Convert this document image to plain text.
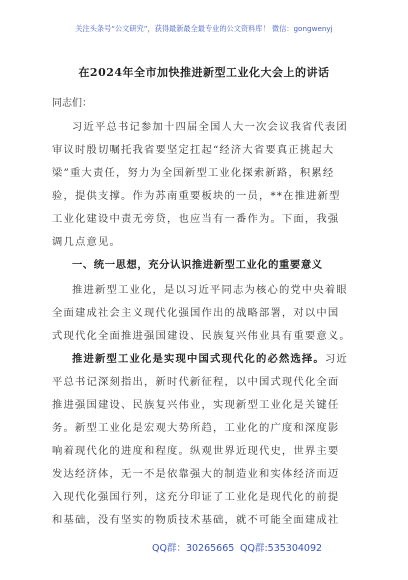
关注头条号“公文研究”，获得最新最全最专业的公文资料库！ 微信：gongwenyj
在2024年全市加快推进新型工业化大会上的讲话
同志们：
习近平总书记参加十四届全国人大一次会议我省代表团
审议时殷切嘱托我省要坚定扛起“经济大省要真正挑起大
梁”重大责任，努力为全国新型工业化探索新路，积累经
验，提供支撑。作为苏南重要板块的一员，**在推进新型
工业化建设中责无旁贷，也应当有一番作为。下面，我强
调几点意见。
一、统一思想，充分认识推进新型工业化的重要意义
推进新型工业化，是以习近平同志为核心的党中央着眼
全面建成社会主义现代化强国作出的战略部署，对以中国
式现代化全面推进强国建设、民族复兴伟业具有重要意义。
推进新型工业化是实现中国式现代化的必然选择。习近
平总书记深刻指出，新时代新征程，以中国式现代化全面
推进强国建设、民族复兴伟业，实现新型工业化是关键任
务。新型工业化是宏观大势所趋，工业化的广度和深度影
响着现代化的进度和程度。纵观世界近现代史，世界主要
发达经济体，无一不是依靠强大的制造业和实体经济而迈
入现代化强国行列，这充分印证了工业化是现代化的前提
和基础，没有坚实的物质技术基础，就不可能全面建成社
QQ群：30265665 QQ群:535304092
